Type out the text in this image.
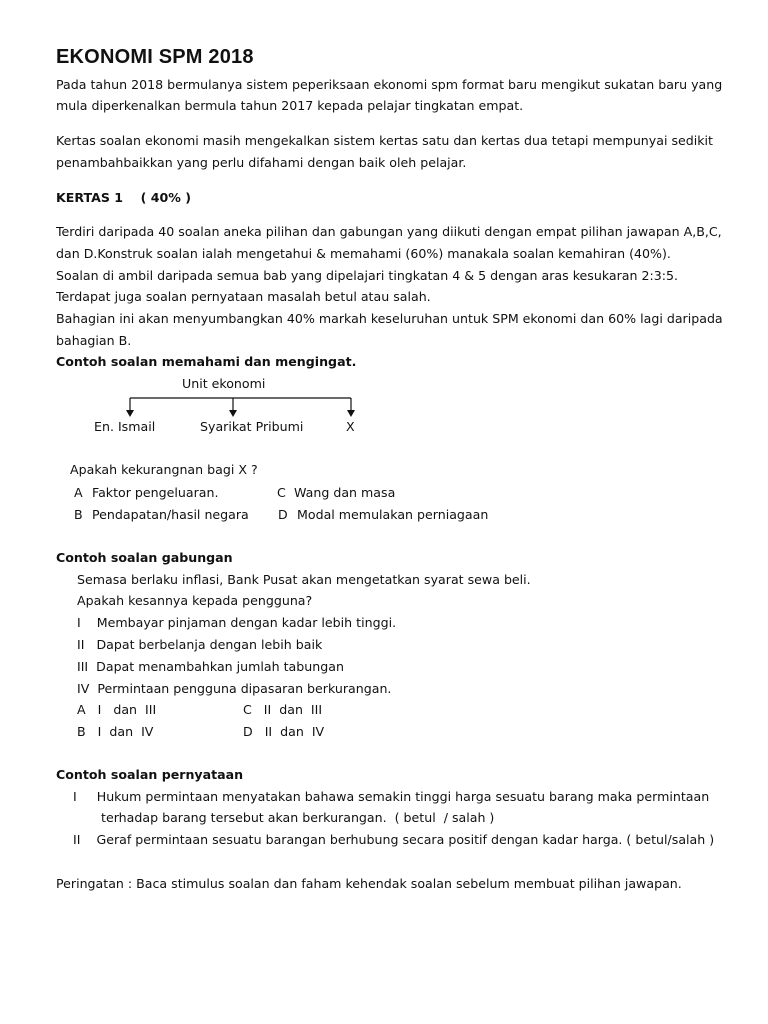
EKONOMI SPM 2018
Pada tahun 2018 bermulanya sistem peperiksaan ekonomi spm format baru mengikut sukatan baru yang
mula diperkenalkan bermula tahun 2017 kepada pelajar tingkatan empat.
Kertas soalan ekonomi masih mengekalkan sistem kertas satu dan kertas dua tetapi mempunyai sedikit
penambahbaikkan yang perlu difahami dengan baik oleh pelajar.
KERTAS 1    ( 40% )
Terdiri daripada 40 soalan aneka pilihan dan gabungan yang diikuti dengan empat pilihan jawapan A,B,C,
dan D.Konstruk soalan ialah mengetahui & memahami (60%) manakala soalan kemahiran (40%).
Soalan di ambil daripada semua bab yang dipelajari tingkatan 4 & 5 dengan aras kesukaran 2:3:5.
Terdapat juga soalan pernyataan masalah betul atau salah.
Bahagian ini akan menyumbangkan 40% markah keseluruhan untuk SPM ekonomi dan 60% lagi daripada
bahagian B.
Contoh soalan memahami dan mengingat.
Unit ekonomi
En. Ismail	Syarikat Pribumi	X
Apakah kekurangnan bagi X ?
A Faktor pengeluaran.	C Wang dan masa
B Pendapatan/hasil negara D Modal memulakan perniagaan
Contoh soalan gabungan
Semasa berlaku inflasi, Bank Pusat akan mengetatkan syarat sewa beli.
Apakah kesannya kepada pengguna?
I    Membayar pinjaman dengan kadar lebih tinggi.
II   Dapat berbelanja dengan lebih baik
III  Dapat menambahkan jumlah tabungan
IV  Permintaan pengguna dipasaran berkurangan.
A   I   dan  III	C   II  dan  III
B   I  dan  IV	D   II  dan  IV
Contoh soalan pernyataan
I     Hukum permintaan menyatakan bahawa semakin tinggi harga sesuatu barang maka permintaan
terhadap barang tersebut akan berkurangan.  ( betul  / salah )
II    Geraf permintaan sesuatu barangan berhubung secara positif dengan kadar harga. ( betul/salah )
Peringatan : Baca stimulus soalan dan faham kehendak soalan sebelum membuat pilihan jawapan.
